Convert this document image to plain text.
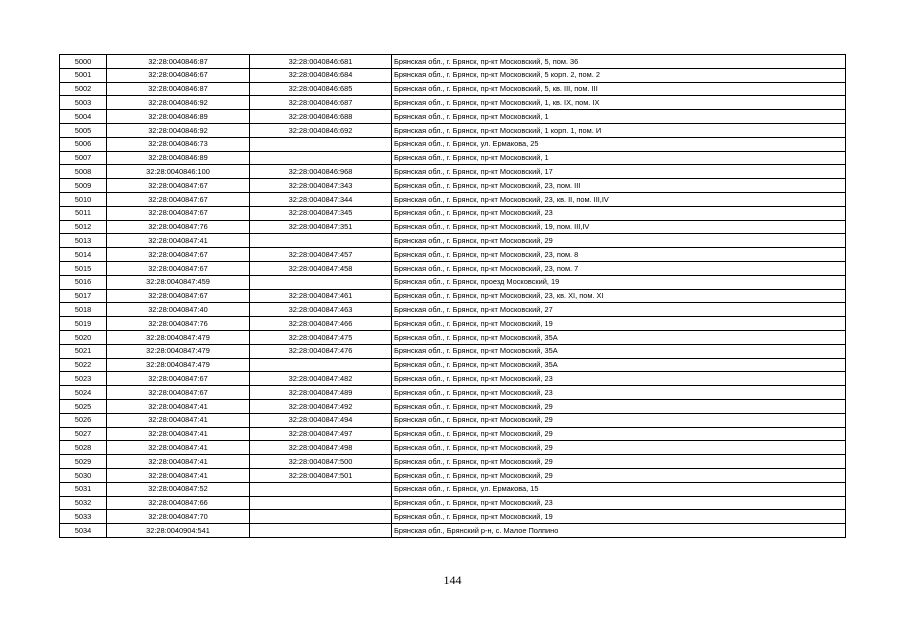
5000	32:28:0040846:87	32:28:0040846:681	Брянская обл., г. Брянск, пр-кт Московский, 5, пом. 36
5001	32:28:0040846:67	32:28:0040846:684	Брянская обл., г. Брянск, пр-кт Московский, 5 корп. 2, пом. 2
5002	32:28:0040846:87	32:28:0040846:685	Брянская обл., г. Брянск, пр-кт Московский, 5, кв. III, пом. III
5003	32:28:0040846:92	32:28:0040846:687	Брянская обл., г. Брянск, пр-кт Московский, 1, кв. IX, пом. IX
5004	32:28:0040846:89	32:28:0040846:688	Брянская обл., г. Брянск, пр-кт Московский, 1
5005	32:28:0040846:92	32:28:0040846:692	Брянская обл., г. Брянск, пр-кт Московский, 1 корп. 1, пом. И
5006	32:28:0040846:73		Брянская обл., г. Брянск, ул. Ермакова, 25
5007	32:28:0040846:89		Брянская обл., г. Брянск, пр-кт Московский, 1
5008	32:28:0040846:100	32:28:0040846:968	Брянская обл., г. Брянск, пр-кт Московский, 17
5009	32:28:0040847:67	32:28:0040847:343	Брянская обл., г. Брянск, пр-кт Московский, 23, пом. III
5010	32:28:0040847:67	32:28:0040847:344	Брянская обл., г. Брянск, пр-кт Московский, 23, кв. II, пом. III,IV
5011	32:28:0040847:67	32:28:0040847:345	Брянская обл., г. Брянск, пр-кт Московский, 23
5012	32:28:0040847:76	32:28:0040847:351	Брянская обл., г. Брянск, пр-кт Московский, 19, пом. III,IV
5013	32:28:0040847:41		Брянская обл., г. Брянск, пр-кт Московский, 29
5014	32:28:0040847:67	32:28:0040847:457	Брянская обл., г. Брянск, пр-кт Московский, 23, пом. 8
5015	32:28:0040847:67	32:28:0040847:458	Брянская обл., г. Брянск, пр-кт Московский, 23, пом. 7
5016	32:28:0040847:459		Брянская обл., г. Брянск, проезд Московский, 19
5017	32:28:0040847:67	32:28:0040847:461	Брянская обл., г. Брянск, пр-кт Московский, 23, кв. XI, пом. XI
5018	32:28:0040847:40	32:28:0040847:463	Брянская обл., г. Брянск, пр-кт Московский, 27
5019	32:28:0040847:76	32:28:0040847:466	Брянская обл., г. Брянск, пр-кт Московский, 19
5020	32:28:0040847:479	32:28:0040847:475	Брянская обл., г. Брянск, пр-кт Московский, 35А
5021	32:28:0040847:479	32:28:0040847:476	Брянская обл., г. Брянск, пр-кт Московский, 35А
5022	32:28:0040847:479		Брянская обл., г. Брянск, пр-кт Московский, 35А
5023	32:28:0040847:67	32:28:0040847:482	Брянская обл., г. Брянск, пр-кт Московский, 23
5024	32:28:0040847:67	32:28:0040847:489	Брянская обл., г. Брянск, пр-кт Московский, 23
5025	32:28:0040847:41	32:28:0040847:492	Брянская обл., г. Брянск, пр-кт Московский, 29
5026	32:28:0040847:41	32:28:0040847:494	Брянская обл., г. Брянск, пр-кт Московский, 29
5027	32:28:0040847:41	32:28:0040847:497	Брянская обл., г. Брянск, пр-кт Московский, 29
5028	32:28:0040847:41	32:28:0040847:498	Брянская обл., г. Брянск, пр-кт Московский, 29
5029	32:28:0040847:41	32:28:0040847:500	Брянская обл., г. Брянск, пр-кт Московский, 29
5030	32:28:0040847:41	32:28:0040847:501	Брянская обл., г. Брянск, пр-кт Московский, 29
5031	32:28:0040847:52		Брянская обл., г. Брянск, ул. Ермакова, 15
5032	32:28:0040847:66		Брянская обл., г. Брянск, пр-кт Московский, 23
5033	32:28:0040847:70		Брянская обл., г. Брянск, пр-кт Московский, 19
5034	32:28:0040904:541		Брянская обл., Брянский р-н, с. Малое Полпино
144
